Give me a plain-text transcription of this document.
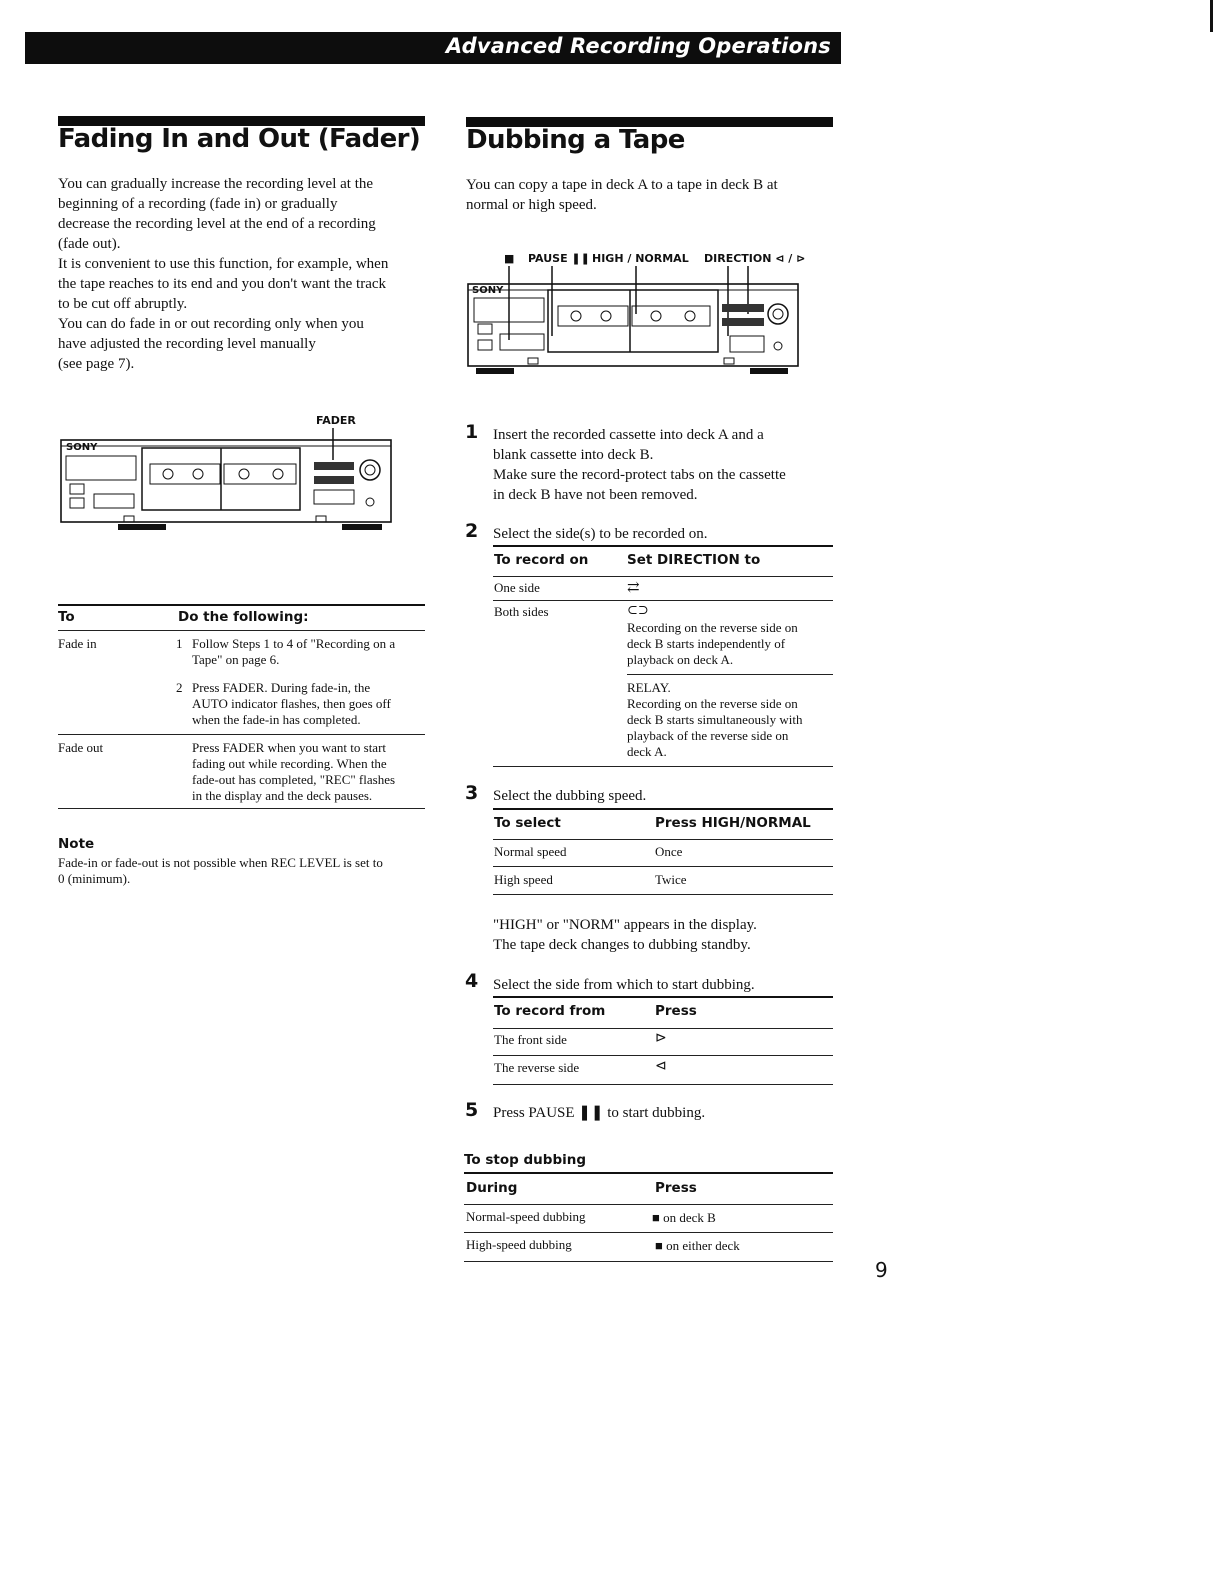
Advanced Recording Operations
Fading In and Out (Fader)
You can gradually increase the recording level at the
beginning of a recording (fade in) or gradually
decrease the recording level at the end of a recording
(fade out).
It is convenient to use this function, for example, when
the tape reaches to its end and you don't want the track
to be cut off abruptly.
You can do fade in or out recording only when you
have adjusted the recording level manually
(see page 7).
FADER
SONY
To	Do the following:
Fade in	1 Follow Steps 1 to 4 of "Recording on a
Tape" on page 6.
2 Press FADER. During fade-in, the
AUTO indicator flashes, then goes off
when the fade-in has completed.
Fade out	Press FADER when you want to start
fading out while recording. When the
fade-out has completed, "REC" flashes
in the display and the deck pauses.
Note
Fade-in or fade-out is not possible when REC LEVEL is set to
0 (minimum).
Dubbing a Tape
You can copy a tape in deck A to a tape in deck B at
normal or high speed.
■ PAUSE ❚❚ HIGH / NORMAL DIRECTION ⊲ / ⊳
SONY
1 Insert the recorded cassette into deck A and a
blank cassette into deck B.
Make sure the record-protect tabs on the cassette
in deck B have not been removed.
2 Select the side(s) to be recorded on.
To record on	Set DIRECTION to
One side	⇄
Both sides	⊂⊃
Recording on the reverse side on
deck B starts independently of
playback on deck A.
RELAY.
Recording on the reverse side on
deck B starts simultaneously with
playback of the reverse side on
deck A.
3 Select the dubbing speed.
To select	Press HIGH/NORMAL
Normal speed	Once
High speed	Twice
"HIGH" or "NORM" appears in the display.
The tape deck changes to dubbing standby.
4 Select the side from which to start dubbing.
To record from	Press
The front side	⊳
The reverse side	⊲
5 Press PAUSE ❚❚ to start dubbing.
To stop dubbing
During	Press
Normal-speed dubbing	■ on deck B
High-speed dubbing	■ on either deck
9
